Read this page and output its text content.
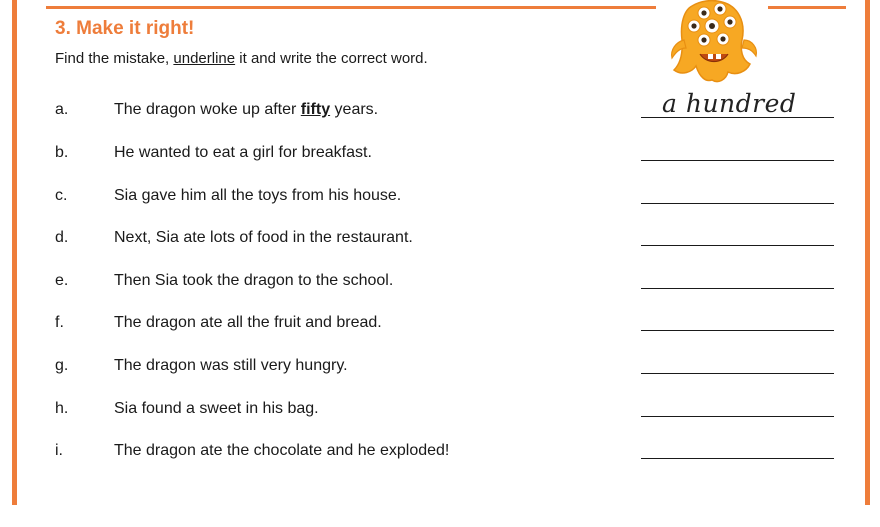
3. Make it right!
Find the mistake, underline it and write the correct word.
a.	The dragon woke up after fifty years.	a hundred
b.	He wanted to eat a girl for breakfast.
c.	Sia gave him all the toys from his house.
d.	Next, Sia ate lots of food in the restaurant.
e.	Then Sia took the dragon to the school.
f.	The dragon ate all the fruit and bread.
g.	The dragon was still very hungry.
h.	Sia found a sweet in his bag.
i.	The dragon ate the chocolate and he exploded!
